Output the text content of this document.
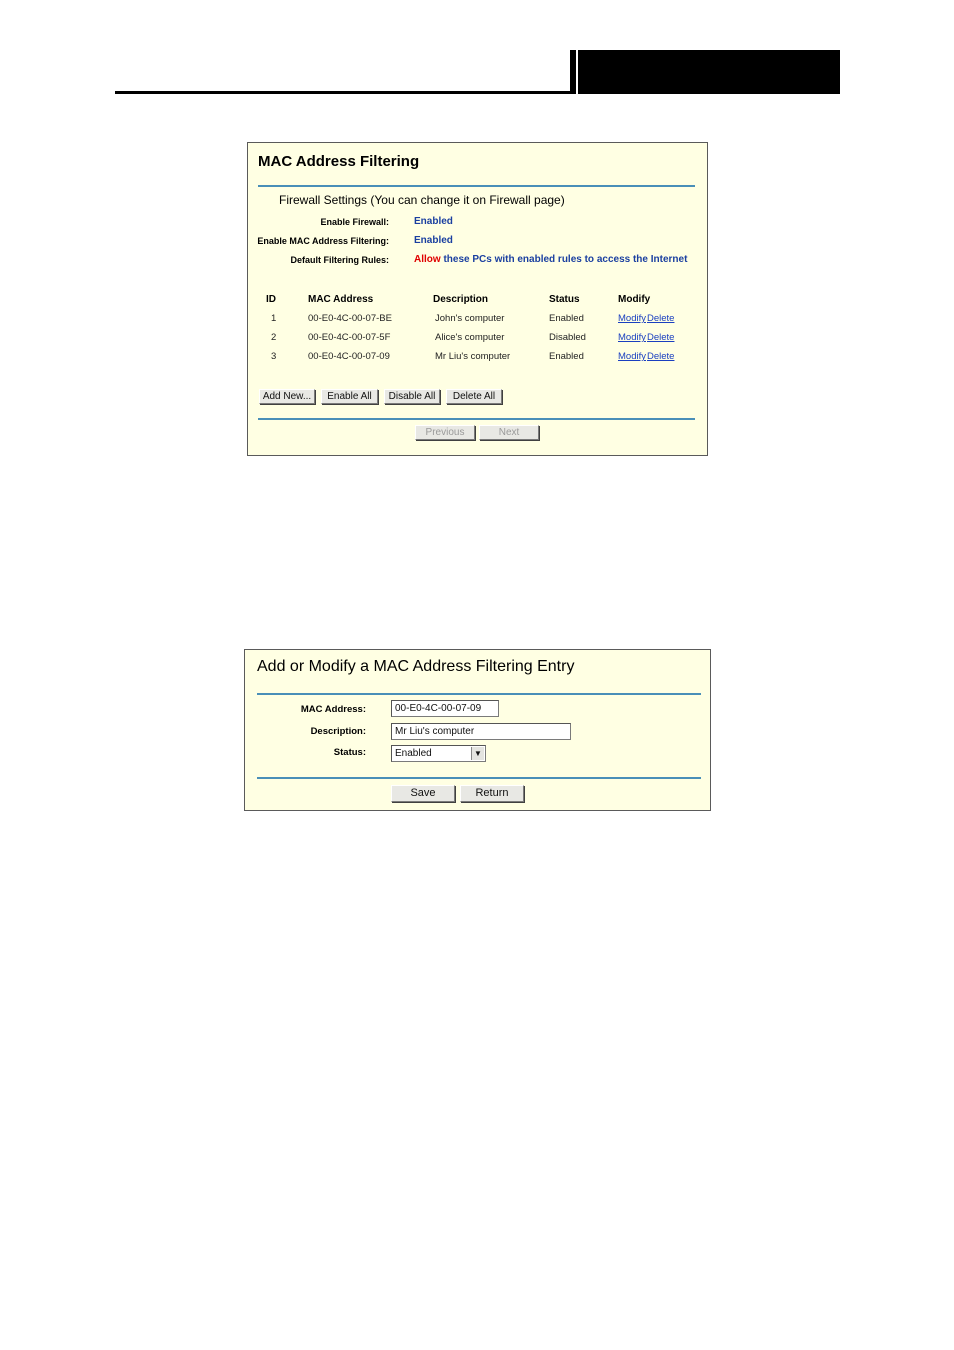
MAC Address Filtering
Firewall Settings (You can change it on Firewall page)
Enable Firewall:	Enabled
Enable MAC Address Filtering:	Enabled
Default Filtering Rules:	Allow these PCs with enabled rules to access the Internet
ID	MAC Address	Description	Status	Modify
1	00-E0-4C-00-07-BE	John's computer	Enabled	Modify Delete
2	00-E0-4C-00-07-5F	Alice's computer	Disabled	Modify Delete
3	00-E0-4C-00-07-09	Mr Liu's computer	Enabled	Modify Delete
Add New...	Enable All	Disable All	Delete All
Previous	Next
Add or Modify a MAC Address Filtering Entry
MAC Address:	00-E0-4C-00-07-09
Description:	Mr Liu's computer
Status:	Enabled	▼
Save	Return
